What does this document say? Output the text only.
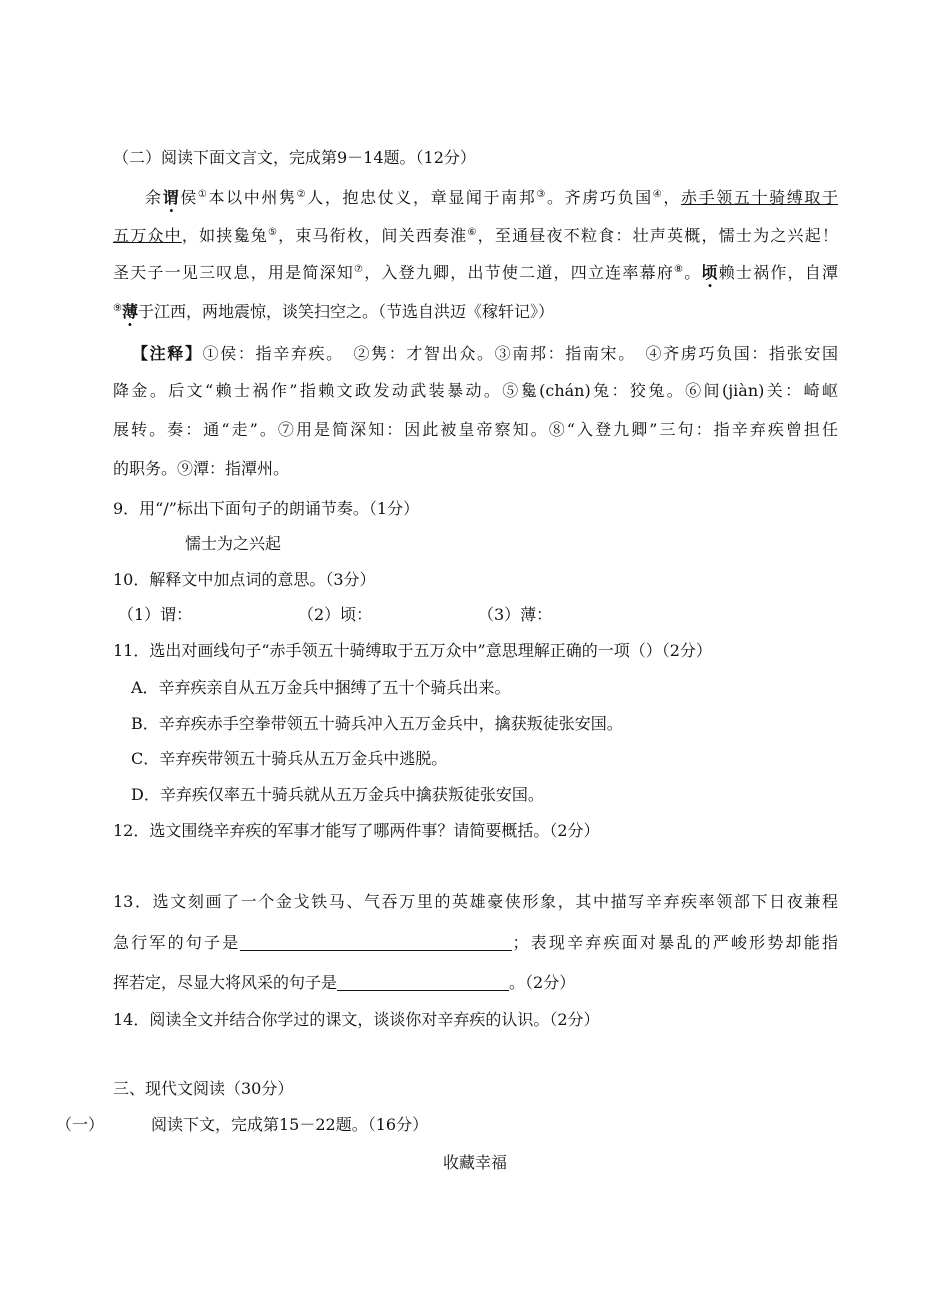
（二）阅读下面文言文，完成第9－14题。（12分）
余谓侯①本以中州隽②人，抱忠仗义，章显闻于南邦③。齐虏巧负国④，赤手领五十骑缚取于
五万众中，如挟毚兔⑤，束马衔枚，间关西奏淮⑥，至通昼夜不粒食：壮声英概，懦士为之兴起！
圣天子一见三叹息，用是简深知⑦，入登九卿，出节使二道，四立连率幕府⑧。顷赖士祸作，自潭
⑨薄于江西，两地震惊，谈笑扫空之。（节选自洪迈《稼轩记》）
【注释】①侯：指辛弃疾。　②隽：才智出众。③南邦：指南宋。　④齐虏巧负国：指张安国
降金。后文“赖士祸作”指赖文政发动武装暴动。⑤毚(chán)兔：狡兔。⑥间(jiàn)关：崎岖
展转。奏：通“走”。⑦用是简深知：因此被皇帝察知。⑧“入登九卿”三句：指辛弃疾曾担任
的职务。⑨潭：指潭州。
9．用“/”标出下面句子的朗诵节奏。（1分）
懦士为之兴起
10．解释文中加点词的意思。（3分）
（1）谓：	（2）顷：	（3）薄：
11．选出对画线句子“赤手领五十骑缚取于五万众中”意思理解正确的一项（）（2分）
A．辛弃疾亲自从五万金兵中捆缚了五十个骑兵出来。
B．辛弃疾赤手空拳带领五十骑兵冲入五万金兵中，擒获叛徒张安国。
C．辛弃疾带领五十骑兵从五万金兵中逃脱。
D．辛弃疾仅率五十骑兵就从五万金兵中擒获叛徒张安国。
12．选文围绕辛弃疾的军事才能写了哪两件事？请简要概括。（2分）
13．选文刻画了一个金戈铁马、气吞万里的英雄豪侠形象，其中描写辛弃疾率领部下日夜兼程
急行军的句子是	；表现辛弃疾面对暴乱的严峻形势却能指
挥若定，尽显大将风采的句子是	。（2分）
14．阅读全文并结合你学过的课文，谈谈你对辛弃疾的认识。（2分）
三、现代文阅读（30分）
（一）	阅读下文，完成第15－22题。（16分）
收藏幸福
